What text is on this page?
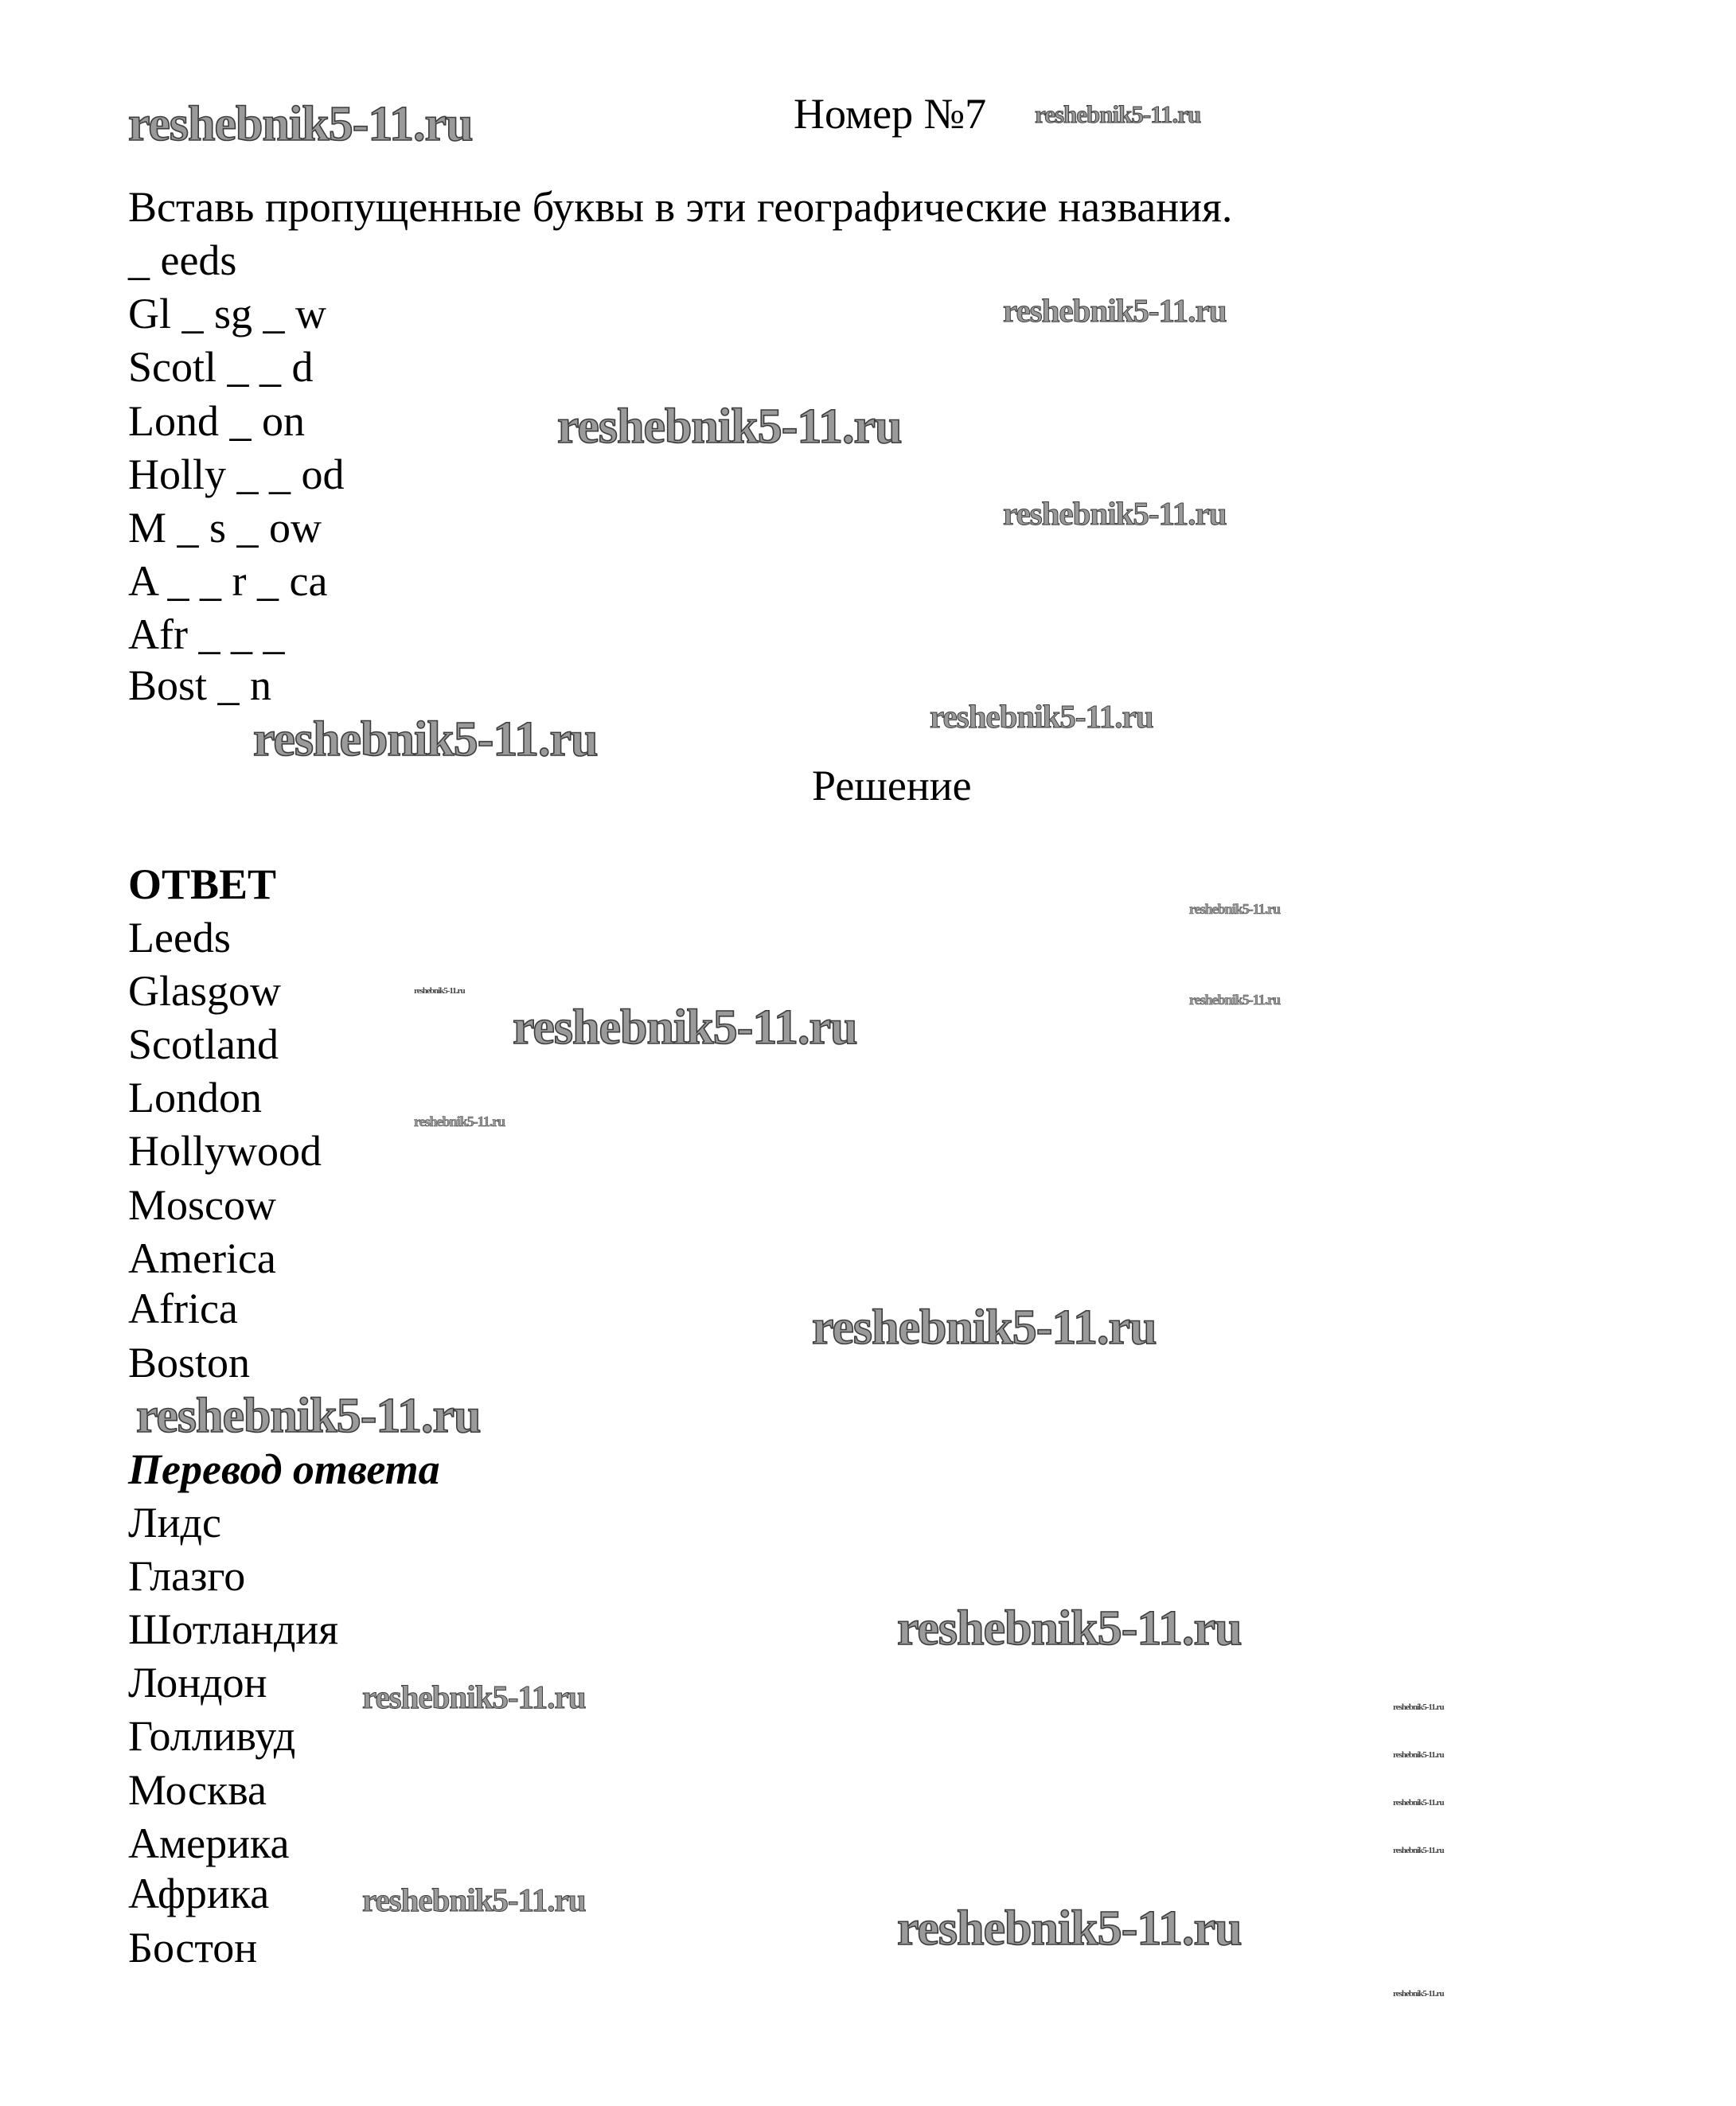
Номер №7
Вставь пропущенные буквы в эти географические названия.
_ eeds
Gl _ sg _ w
Scotl _ _ d
Lond _ on
Holly _ _ od
M _ s _ ow
A _ _ r _ ca
Afr _ _ _
Bost _ n
Решение
ОТВЕТ
Leeds
Glasgow
Scotland
London
Hollywood
Moscow
America
Africa
Boston
Перевод ответа
Лидс
Глазго
Шотландия
Лондон
Голливуд
Москва
Америка
Африка
Бостон
reshebnik5-11.ru	reshebnik5-11.ru
reshebnik5-11.ru
reshebnik5-11.ru
reshebnik5-11.ru
reshebnik5-11.ru	reshebnik5-11.ru
reshebnik5-11.ru
reshebnik5-11.ru
reshebnik5-11.ru
reshebnik5-11.ru
reshebnik5-11.ru
reshebnik5-11.ru
reshebnik5-11.ru
reshebnik5-11.ru
reshebnik5-11.ru	reshebnik5-11.ru
reshebnik5-11.ru
reshebnik5-11.ru
reshebnik5-11.ru
reshebnik5-11.ru
reshebnik5-11.ru
reshebnik5-11.ru
